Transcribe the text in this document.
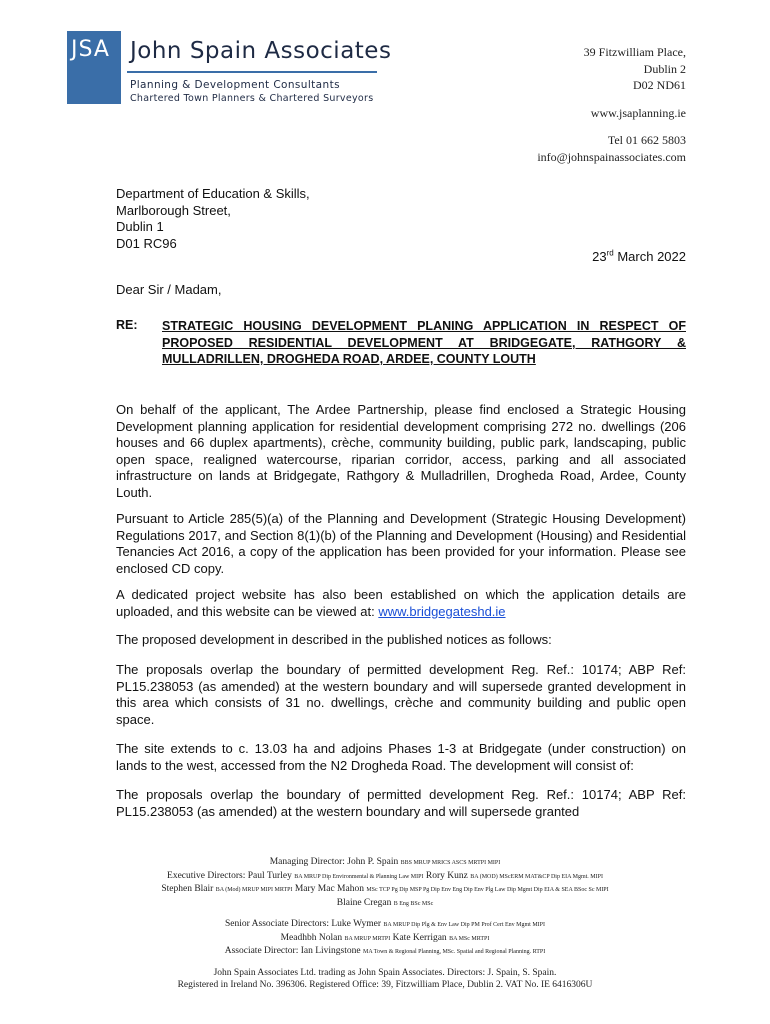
JSA John Spain Associates
Planning & Development Consultants
Chartered Town Planners & Chartered Surveyors
39 Fitzwilliam Place,
Dublin 2
D02 ND61
www.jsaplanning.ie
Tel 01 662 5803
info@johnspainassociates.com
Department of Education & Skills,
Marlborough Street,
Dublin 1
D01 RC96
23rd March 2022
Dear Sir / Madam,
RE: STRATEGIC HOUSING DEVELOPMENT PLANING APPLICATION IN RESPECT OF PROPOSED RESIDENTIAL DEVELOPMENT AT BRIDGEGATE, RATHGORY & MULLADRILLEN, DROGHEDA ROAD, ARDEE, COUNTY LOUTH
On behalf of the applicant, The Ardee Partnership, please find enclosed a Strategic Housing Development planning application for residential development comprising 272 no. dwellings (206 houses and 66 duplex apartments), crèche, community building, public park, landscaping, public open space, realigned watercourse, riparian corridor, access, parking and all associated infrastructure on lands at Bridgegate, Rathgory & Mulladrillen, Drogheda Road, Ardee, County Louth.
Pursuant to Article 285(5)(a) of the Planning and Development (Strategic Housing Development) Regulations 2017, and Section 8(1)(b) of the Planning and Development (Housing) and Residential Tenancies Act 2016, a copy of the application has been provided for your information. Please see enclosed CD copy.
A dedicated project website has also been established on which the application details are uploaded, and this website can be viewed at: www.bridgegateshd.ie
The proposed development in described in the published notices as follows:
The proposals overlap the boundary of permitted development Reg. Ref.: 10174; ABP Ref: PL15.238053 (as amended) at the western boundary and will supersede granted development in this area which consists of 31 no. dwellings, crèche and community building and public open space.
The site extends to c. 13.03 ha and adjoins Phases 1-3 at Bridgegate (under construction) on lands to the west, accessed from the N2 Drogheda Road. The development will consist of:
The proposals overlap the boundary of permitted development Reg. Ref.: 10174; ABP Ref: PL15.238053 (as amended) at the western boundary and will supersede granted
Managing Director: John P. Spain BBS MRUP MRICS ASCS MRTPI MIPI
Executive Directors: Paul Turley BA MRUP Dip Environmental & Planning Law MIPI Rory Kunz BA (MOD) MScERM MAT&CP Dip EIA Mgmt. MIPI
Stephen Blair BA (Mod) MRUP MIPI MRTPI Mary Mac Mahon MSc TCP Pg Dip MSP Pg Dip Env Eng Dip Env Plg Law Dip Mgmt Dip EIA & SEA BSoc Sc MIPI
Blaine Cregan B Eng BSc MSc
Senior Associate Directors: Luke Wymer BA MRUP Dip Plg & Env Law Dip PM Prof Cert Env Mgmt MIPI
Meadhbh Nolan BA MRUP MRTPI Kate Kerrigan BA MSc MRTPI
Associate Director: Ian Livingstone MA Town & Regional Planning, MSc. Spatial and Regional Planning. RTPI
John Spain Associates Ltd. trading as John Spain Associates. Directors: J. Spain, S. Spain.
Registered in Ireland No. 396306. Registered Office: 39, Fitzwilliam Place, Dublin 2. VAT No. IE 6416306U
